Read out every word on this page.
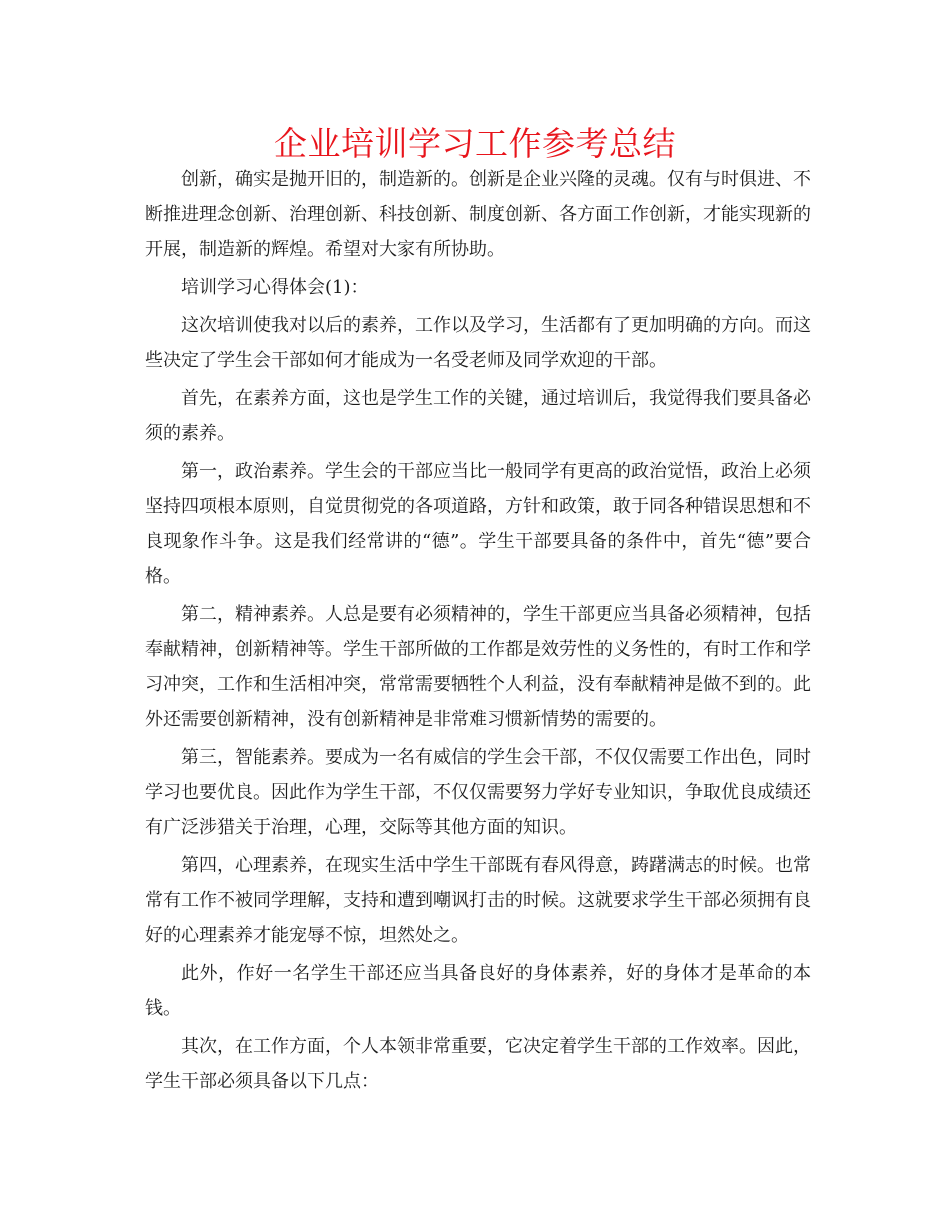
企业培训学习工作参考总结

创新，确实是抛开旧的，制造新的。创新是企业兴隆的灵魂。仅有与时俱进、不断推进理念创新、治理创新、科技创新、制度创新、各方面工作创新，才能实现新的开展，制造新的辉煌。希望对大家有所协助。

培训学习心得体会(1)：

这次培训使我对以后的素养，工作以及学习，生活都有了更加明确的方向。而这些决定了学生会干部如何才能成为一名受老师及同学欢迎的干部。

首先，在素养方面，这也是学生工作的关键，通过培训后，我觉得我们要具备必须的素养。

第一，政治素养。学生会的干部应当比一般同学有更高的政治觉悟，政治上必须坚持四项根本原则，自觉贯彻党的各项道路，方针和政策，敢于同各种错误思想和不良现象作斗争。这是我们经常讲的“德”。学生干部要具备的条件中，首先“德”要合格。

第二，精神素养。人总是要有必须精神的，学生干部更应当具备必须精神，包括奉献精神，创新精神等。学生干部所做的工作都是效劳性的义务性的，有时工作和学习冲突，工作和生活相冲突，常常需要牺牲个人利益，没有奉献精神是做不到的。此外还需要创新精神，没有创新精神是非常难习惯新情势的需要的。

第三，智能素养。要成为一名有威信的学生会干部，不仅仅需要工作出色，同时学习也要优良。因此作为学生干部，不仅仅需要努力学好专业知识，争取优良成绩还有广泛涉猎关于治理，心理，交际等其他方面的知识。

第四，心理素养，在现实生活中学生干部既有春风得意，踌躇满志的时候。也常常有工作不被同学理解，支持和遭到嘲讽打击的时候。这就要求学生干部必须拥有良好的心理素养才能宠辱不惊，坦然处之。

此外，作好一名学生干部还应当具备良好的身体素养，好的身体才是革命的本钱。

其次，在工作方面，个人本领非常重要，它决定着学生干部的工作效率。因此，学生干部必须具备以下几点：
